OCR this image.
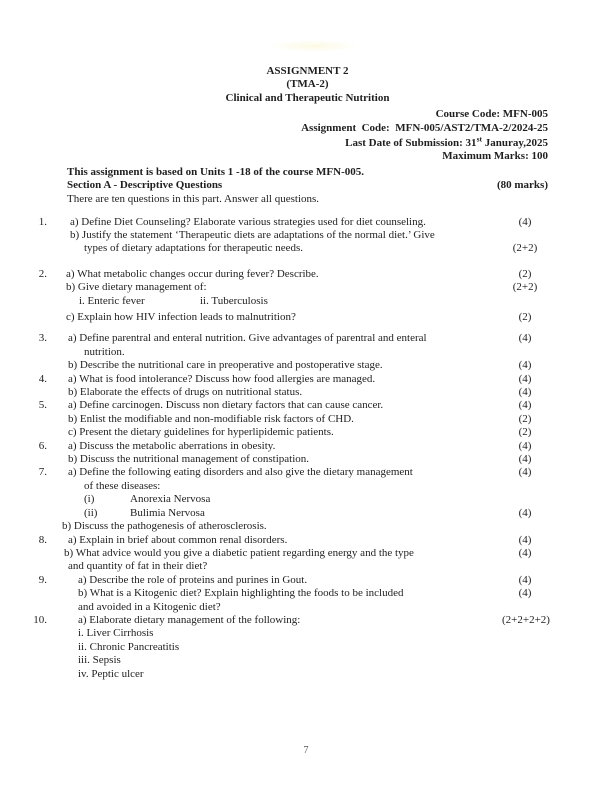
ASSIGNMENT 2
(TMA-2)
Clinical and Therapeutic Nutrition
Course Code: MFN-005
Assignment  Code:  MFN-005/AST2/TMA-2/2024-25
Last Date of Submission: 31st Januray,2025
Maximum Marks: 100
This assignment is based on Units 1 -18 of the course MFN-005.
Section A - Descriptive Questions	(80 marks)
There are ten questions in this part. Answer all questions.
1. a) Define Diet Counseling? Elaborate various strategies used for diet counseling.	(4)
b) Justify the statement ‘Therapeutic diets are adaptations of the normal diet.’ Give
types of dietary adaptations for therapeutic needs.	(2+2)
2. a) What metabolic changes occur during fever? Describe.	(2)
b) Give dietary management of:	(2+2)
i. Enteric fever	ii. Tuberculosis
c) Explain how HIV infection leads to malnutrition?	(2)
3. a) Define parentral and enteral nutrition. Give advantages of parentral and enteral	(4)
nutrition.
b) Describe the nutritional care in preoperative and postoperative stage.	(4)
4. a) What is food intolerance? Discuss how food allergies are managed.	(4)
b) Elaborate the effects of drugs on nutritional status.	(4)
5. a) Define carcinogen. Discuss non dietary factors that can cause cancer.	(4)
b) Enlist the modifiable and non-modifiable risk factors of CHD.	(2)
c) Present the dietary guidelines for hyperlipidemic patients.	(2)
6. a) Discuss the metabolic aberrations in obesity.	(4)
b) Discuss the nutritional management of constipation.	(4)
7. a) Define the following eating disorders and also give the dietary management	(4)
of these diseases:
(i)	Anorexia Nervosa
(ii)	Bulimia Nervosa	(4)
b) Discuss the pathogenesis of atherosclerosis.
8. a) Explain in brief about common renal disorders.	(4)
b) What advice would you give a diabetic patient regarding energy and the type	(4)
and quantity of fat in their diet?
9.	a) Describe the role of proteins and purines in Gout.	(4)
b) What is a Kitogenic diet? Explain highlighting the foods to be included	(4)
and avoided in a Kitogenic diet?
10.	a) Elaborate dietary management of the following:	(2+2+2+2)
i. Liver Cirrhosis
ii. Chronic Pancreatitis
iii. Sepsis
iv. Peptic ulcer
7
